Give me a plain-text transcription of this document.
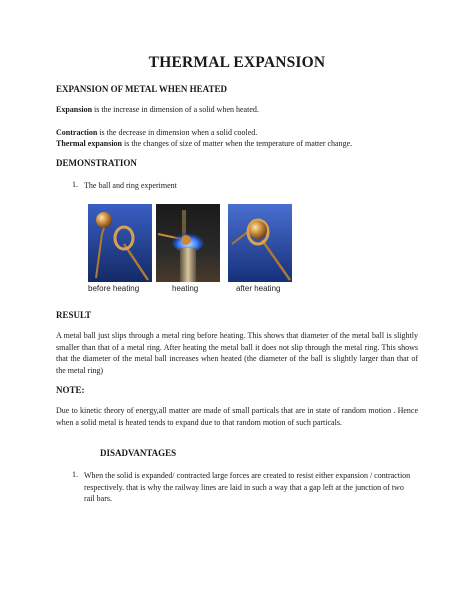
THERMAL EXPANSION
EXPANSION OF METAL WHEN HEATED
Expansion is the increase in dimension of a solid when heated.
Contraction is the decrease in dimension when a solid cooled.
Thermal expansion is the changes of size of matter when the temperature of matter change.
DEMONSTRATION
1. The ball and ring experiment
before heating	heating	after heating
RESULT
A metal ball just slips through a metal ring before heating. This shows that diameter of the metal ball is slightly smaller than that of a metal ring. After heating the metal ball it does not slip through the metal ring. This shows that the diameter of the metal ball increases when heated (the diameter of the ball is slightly larger than that of the metal ring)
NOTE:
Due to kinetic theory of energy,all matter are made of small particals that are in state of random motion . Hence when a solid metal is heated tends to expand due to that random motion of such particals.
DISADVANTAGES
1. When the solid is expanded/ contracted large forces are created to resist either expansion / contraction respectively. that is why the railway lines are laid in such a way that a gap left at the junction of two rail bars.
